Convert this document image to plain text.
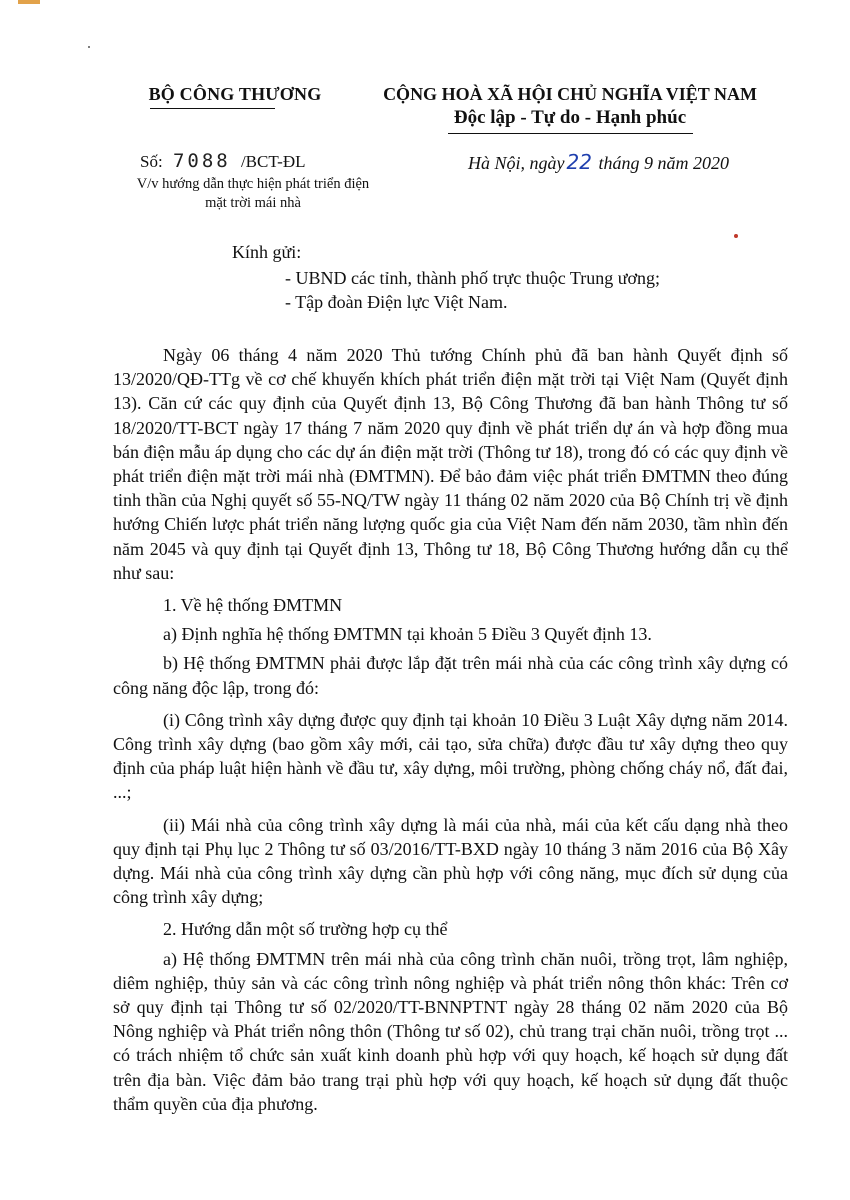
BỘ CÔNG THƯƠNG	CỘNG HOÀ XÃ HỘI CHỦ NGHĨA VIỆT NAM
Độc lập - Tự do - Hạnh phúc
Số: 7088 /BCT-ĐL	Hà Nội, ngày 22 tháng 9 năm 2020
V/v hướng dẫn thực hiện phát triển điện mặt trời mái nhà
Kính gửi:
- UBND các tỉnh, thành phố trực thuộc Trung ương;
- Tập đoàn Điện lực Việt Nam.

Ngày 06 tháng 4 năm 2020 Thủ tướng Chính phủ đã ban hành Quyết định số 13/2020/QĐ-TTg về cơ chế khuyến khích phát triển điện mặt trời tại Việt Nam (Quyết định 13). Căn cứ các quy định của Quyết định 13, Bộ Công Thương đã ban hành Thông tư số 18/2020/TT-BCT ngày 17 tháng 7 năm 2020 quy định về phát triển dự án và hợp đồng mua bán điện mẫu áp dụng cho các dự án điện mặt trời (Thông tư 18), trong đó có các quy định về phát triển điện mặt trời mái nhà (ĐMTMN). Để bảo đảm việc phát triển ĐMTMN theo đúng tinh thần của Nghị quyết số 55-NQ/TW ngày 11 tháng 02 năm 2020 của Bộ Chính trị về định hướng Chiến lược phát triển năng lượng quốc gia của Việt Nam đến năm 2030, tầm nhìn đến năm 2045 và quy định tại Quyết định 13, Thông tư 18, Bộ Công Thương hướng dẫn cụ thể như sau:

1. Về hệ thống ĐMTMN

a) Định nghĩa hệ thống ĐMTMN tại khoản 5 Điều 3 Quyết định 13.

b) Hệ thống ĐMTMN phải được lắp đặt trên mái nhà của các công trình xây dựng có công năng độc lập, trong đó:

(i) Công trình xây dựng được quy định tại khoản 10 Điều 3 Luật Xây dựng năm 2014. Công trình xây dựng (bao gồm xây mới, cải tạo, sửa chữa) được đầu tư xây dựng theo quy định của pháp luật hiện hành về đầu tư, xây dựng, môi trường, phòng chống cháy nổ, đất đai, ...;

(ii) Mái nhà của công trình xây dựng là mái của nhà, mái của kết cấu dạng nhà theo quy định tại Phụ lục 2 Thông tư số 03/2016/TT-BXD ngày 10 tháng 3 năm 2016 của Bộ Xây dựng. Mái nhà của công trình xây dựng cần phù hợp với công năng, mục đích sử dụng của công trình xây dựng;

2. Hướng dẫn một số trường hợp cụ thể

a) Hệ thống ĐMTMN trên mái nhà của công trình chăn nuôi, trồng trọt, lâm nghiệp, diêm nghiệp, thủy sản và các công trình nông nghiệp và phát triển nông thôn khác: Trên cơ sở quy định tại Thông tư số 02/2020/TT-BNNPTNT ngày 28 tháng 02 năm 2020 của Bộ Nông nghiệp và Phát triển nông thôn (Thông tư số 02), chủ trang trại chăn nuôi, trồng trọt ... có trách nhiệm tổ chức sản xuất kinh doanh phù hợp với quy hoạch, kế hoạch sử dụng đất trên địa bàn. Việc đảm bảo trang trại phù hợp với quy hoạch, kế hoạch sử dụng đất thuộc thẩm quyền của địa phương.
